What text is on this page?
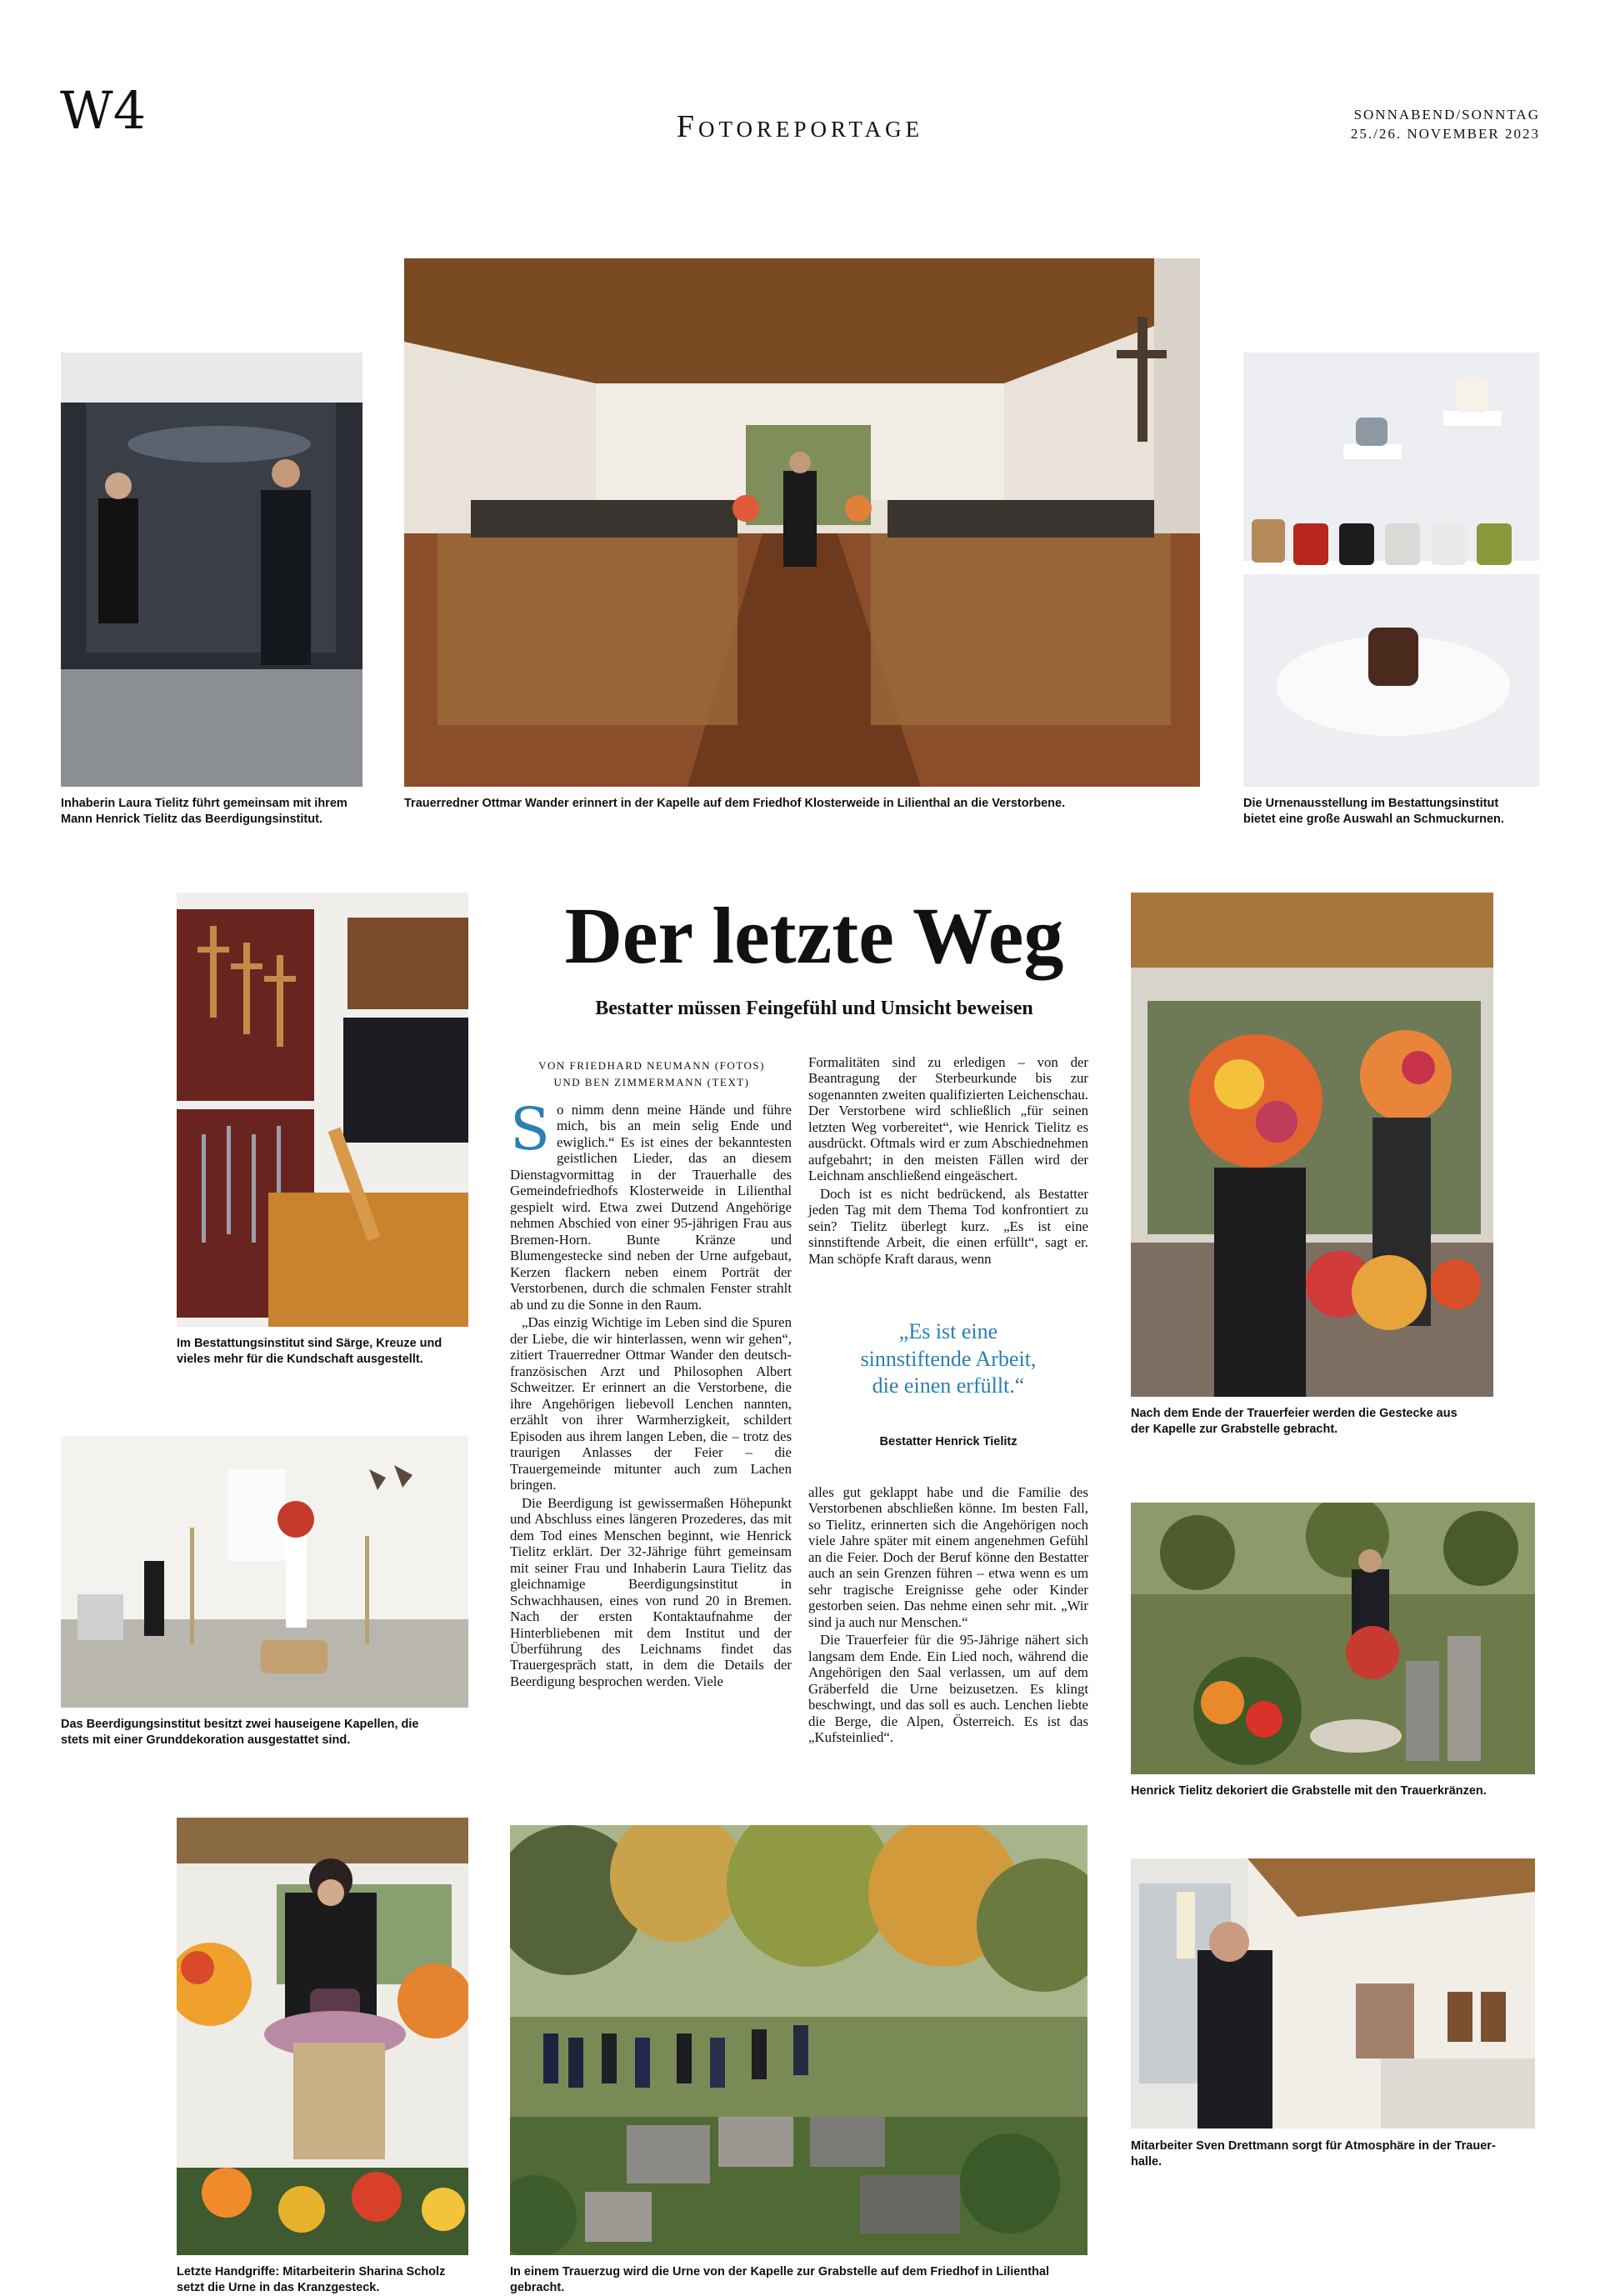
W4	Fotoreportage	SONNABEND/SONNTAG
25./26. NOVEMBER 2023
Inhaberin Laura Tielitz führt gemeinsam mit ihrem
Mann Henrick Tielitz das Beerdigungsinstitut.
Trauerredner Ottmar Wander erinnert in der Kapelle auf dem Friedhof Klosterweide in Lilienthal an die Verstorbene.	Die Urnenausstellung im Bestattungsinstitut
bietet eine große Auswahl an Schmuckurnen.
Im Bestattungsinstitut sind Särge, Kreuze und
vieles mehr für die Kundschaft ausgestellt.
Das Beerdigungsinstitut besitzt zwei hauseigene Kapellen, die
stets mit einer Grunddekoration ausgestattet sind.
Der letzte Weg
Bestatter müssen Feingefühl und Umsicht beweisen
VON FRIEDHARD NEUMANN (FOTOS)
UND BEN ZIMMERMANN (TEXT)

So nimm denn meine Hände und führe mich, bis an mein selig Ende und ewiglich.“ Es ist eines der bekanntesten geistlichen Lieder, das an diesem Dienstagvormittag in der Trauerhalle des Gemeindefriedhofs Klosterweide in Lilienthal gespielt wird. Etwa zwei Dutzend Angehörige nehmen Abschied von einer 95-jährigen Frau aus Bremen-Horn. Bunte Kränze und Blumengestecke sind neben der Urne aufgebaut, Kerzen flackern neben einem Porträt der Verstorbenen, durch die schmalen Fenster strahlt ab und zu die Sonne in den Raum.

„Das einzig Wichtige im Leben sind die Spuren der Liebe, die wir hinterlassen, wenn wir gehen“, zitiert Trauerredner Ottmar Wander den deutsch-französischen Arzt und Philosophen Albert Schweitzer. Er erinnert an die Verstorbene, die ihre Angehörigen liebevoll Lenchen nannten, erzählt von ihrer Warmherzigkeit, schildert Episoden aus ihrem langen Leben, die – trotz des traurigen Anlasses der Feier – die Trauergemeinde mitunter auch zum Lachen bringen.

Die Beerdigung ist gewissermaßen Höhepunkt und Abschluss eines längeren Prozederes, das mit dem Tod eines Menschen beginnt, wie Henrick Tielitz erklärt. Der 32-Jährige führt gemeinsam mit seiner Frau und Inhaberin Laura Tielitz das gleichnamige Beerdigungsinstitut in Schwachhausen, eines von rund 20 in Bremen. Nach der ersten Kontaktaufnahme der Hinterbliebenen mit dem Institut und der Überführung des Leichnams findet das Trauergespräch statt, in dem die Details der Beerdigung besprochen werden. Viele

Formalitäten sind zu erledigen – von der Beantragung der Sterbeurkunde bis zur sogenannten zweiten qualifizierten Leichenschau. Der Verstorbene wird schließlich „für seinen letzten Weg vorbereitet“, wie Henrick Tielitz es ausdrückt. Oftmals wird er zum Abschiednehmen aufgebahrt; in den meisten Fällen wird der Leichnam anschließend eingeäschert.

Doch ist es nicht bedrückend, als Bestatter jeden Tag mit dem Thema Tod konfrontiert zu sein? Tielitz überlegt kurz. „Es ist eine sinnstiftende Arbeit, die einen erfüllt“, sagt er. Man schöpfe Kraft daraus, wenn

„Es ist eine
sinnstiftende Arbeit,
die einen erfüllt.“
Bestatter Henrick Tielitz

alles gut geklappt habe und die Familie des Verstorbenen abschließen könne. Im besten Fall, so Tielitz, erinnerten sich die Angehörigen noch viele Jahre später mit einem angenehmen Gefühl an die Feier. Doch der Beruf könne den Bestatter auch an sein Grenzen führen – etwa wenn es um sehr tragische Ereignisse gehe oder Kinder gestorben seien. Das nehme einen sehr mit. „Wir sind ja auch nur Menschen.“

Die Trauerfeier für die 95-Jährige nähert sich langsam dem Ende. Ein Lied noch, während die Angehörigen den Saal verlassen, um auf dem Gräberfeld die Urne beizusetzen. Es klingt beschwingt, und das soll es auch. Lenchen liebte die Berge, die Alpen, Österreich. Es ist das „Kufsteinlied“.

Nach dem Ende der Trauerfeier werden die Gestecke aus
der Kapelle zur Grabstelle gebracht.
Henrick Tielitz dekoriert die Grabstelle mit den Trauerkränzen.
Letzte Handgriffe: Mitarbeiterin Sharina Scholz
setzt die Urne in das Kranzgesteck.
In einem Trauerzug wird die Urne von der Kapelle zur Grabstelle auf dem Friedhof in Lilienthal
gebracht.
Mitarbeiter Sven Drettmann sorgt für Atmosphäre in der Trauer-
halle.
